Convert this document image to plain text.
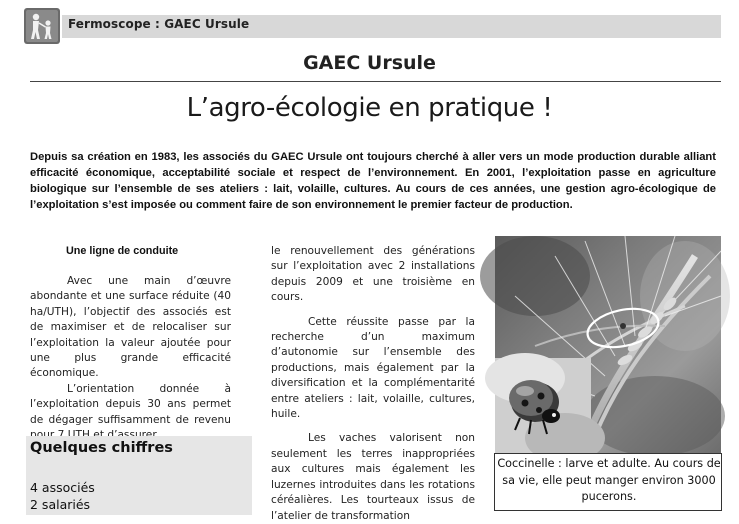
Fermoscope : GAEC Ursule
GAEC Ursule
L’agro-écologie en pratique !
Depuis sa création en 1983, les associés du GAEC Ursule ont toujours cherché à aller vers un mode production durable alliant efficacité économique, acceptabilité sociale et respect de l’environnement. En 2001, l’exploitation passe en agriculture biologique sur l’ensemble de ses ateliers : lait, volaille, cultures. Au cours de ces années, une gestion agro-écologique de l’exploitation s’est imposée ou comment faire de son environnement le premier facteur de production.
Une ligne de conduite

Avec une main d’œuvre abondante et une surface réduite (40 ha/UTH), l’objectif des associés est de maximiser et de relocaliser sur l’exploitation la valeur ajoutée pour une plus grande efficacité économique.

L’orientation donnée à l’exploitation depuis 30 ans permet de dégager suffisamment de revenu

Quelques chiffres
4 associés
2 salariés

le renouvellement des générations sur l’exploitation avec 2 installations depuis 2009 et une troisième en cours.

Cette réussite passe par la recherche d’un maximum d’autonomie sur l’ensemble des productions, mais également par la diversification et la complémentarité entre ateliers : lait, volaille, cultures, huile.

Les vaches valorisent non seulement les terres inappropriées aux cultures mais également les luzernes introduites dans les rotations céréalières. Les tourteaux issus de l’atelier de transformation

Coccinelle : larve et adulte. Au cours de sa vie, elle peut manger environ 3000 pucerons.
